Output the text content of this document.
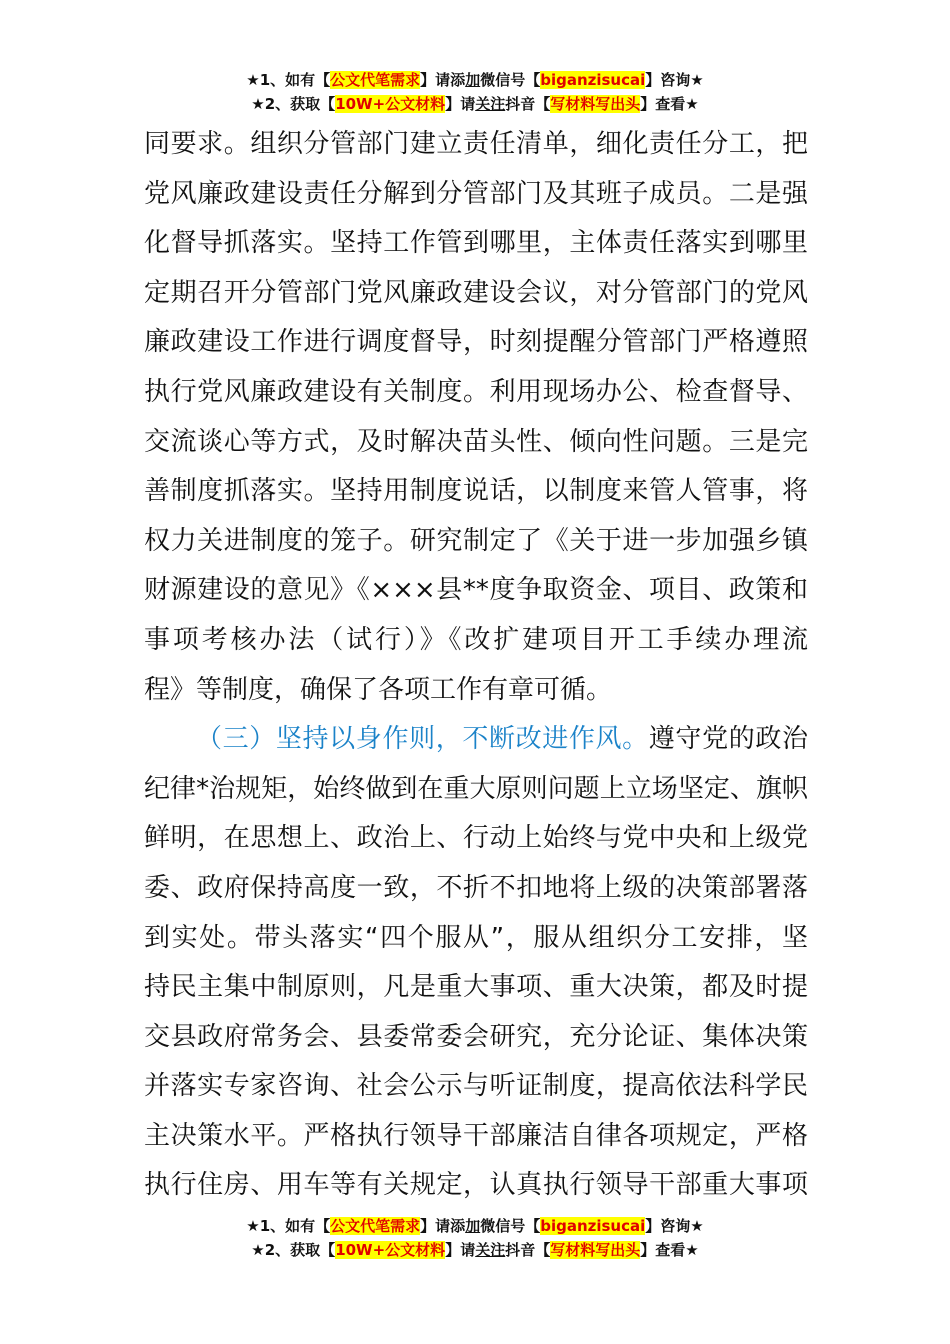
★1、如有【公文代笔需求】请添加微信号【biganzisucai】咨询★
★2、获取【10W+公文材料】请关注抖音【写材料写出头】查看★

同要求。组织分管部门建立责任清单，细化责任分工，把

党风廉政建设责任分解到分管部门及其班子成员。二是强

化督导抓落实。坚持工作管到哪里，主体责任落实到哪里

定期召开分管部门党风廉政建设会议，对分管部门的党风

廉政建设工作进行调度督导，时刻提醒分管部门严格遵照

执行党风廉政建设有关制度。利用现场办公、检查督导、

交流谈心等方式，及时解决苗头性、倾向性问题。三是完

善制度抓落实。坚持用制度说话，以制度来管人管事，将

权力关进制度的笼子。研究制定了《关于进一步加强乡镇

财源建设的意见》《×××县**度争取资金、项目、政策和

事项考核办法（试行）》《改扩建项目开工手续办理流

程》等制度，确保了各项工作有章可循。

（三）坚持以身作则，不断改进作风。遵守党的政治

纪律*治规矩，始终做到在重大原则问题上立场坚定、旗帜

鲜明，在思想上、政治上、行动上始终与党中央和上级党

委、政府保持高度一致，不折不扣地将上级的决策部署落

到实处。带头落实“四个服从”，服从组织分工安排，坚

持民主集中制原则，凡是重大事项、重大决策，都及时提

交县政府常务会、县委常委会研究，充分论证、集体决策

并落实专家咨询、社会公示与听证制度，提高依法科学民

主决策水平。严格执行领导干部廉洁自律各项规定，严格

执行住房、用车等有关规定，认真执行领导干部重大事项

★1、如有【公文代笔需求】请添加微信号【biganzisucai】咨询★
★2、获取【10W+公文材料】请关注抖音【写材料写出头】查看★
